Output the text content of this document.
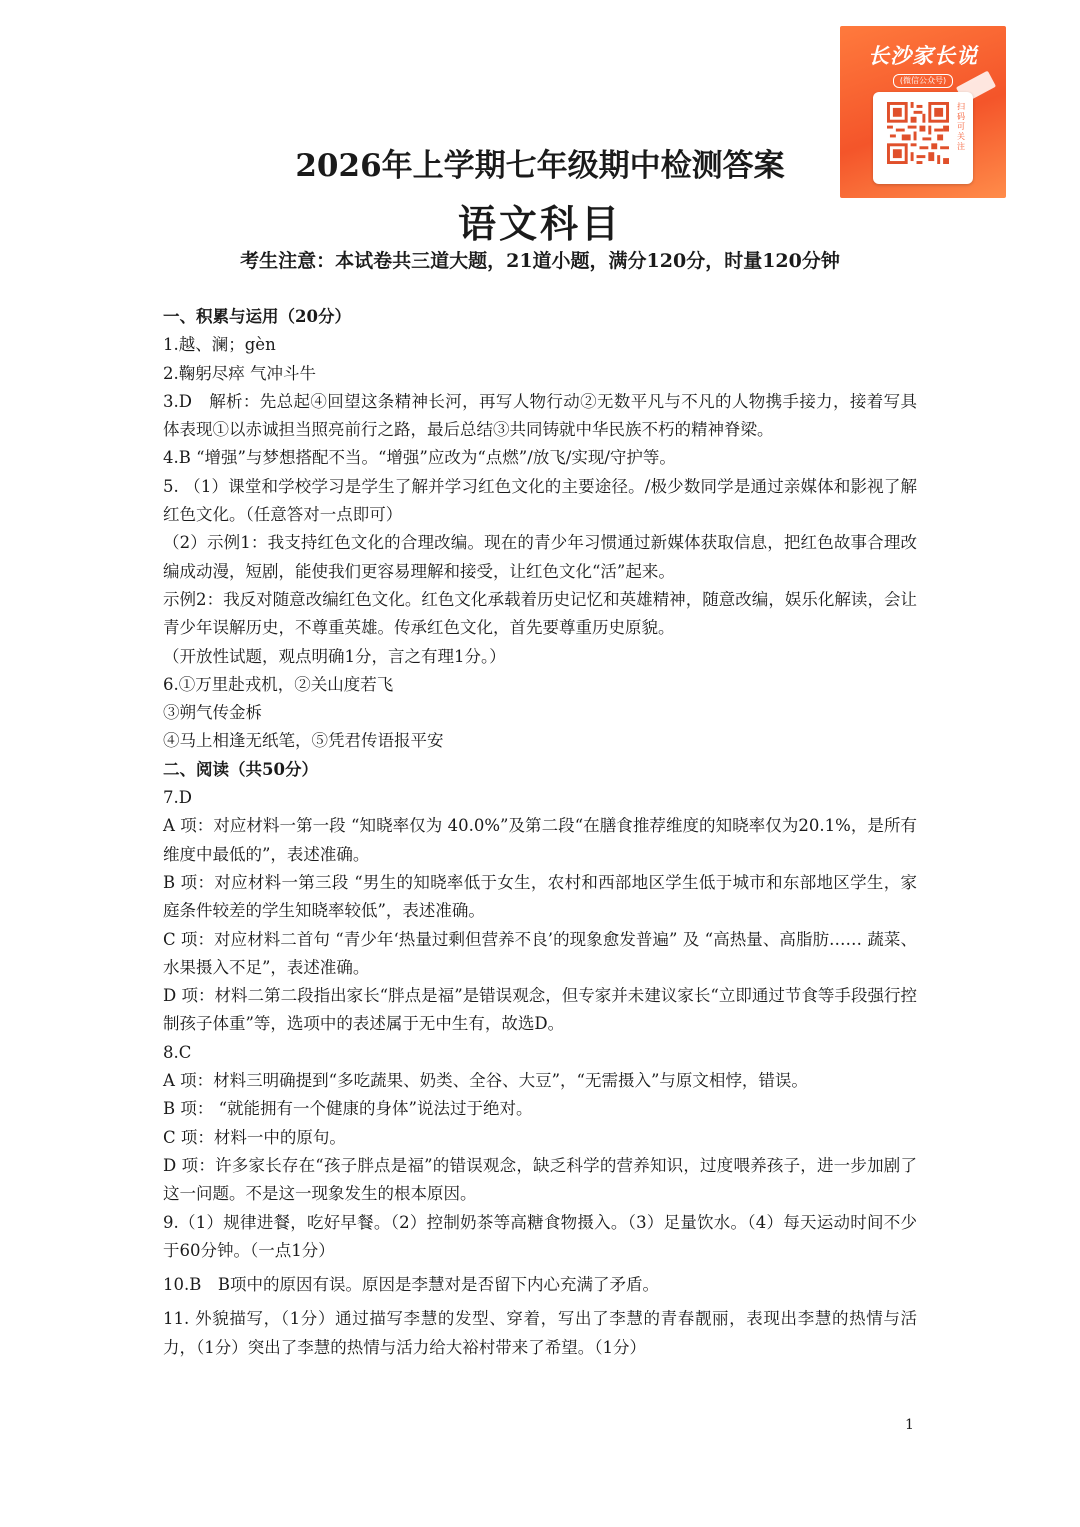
长沙家长说
(微信公众号)
扫码可关注
2026年上学期七年级期中检测答案
语文科目

考生注意：本试卷共三道大题，21道小题，满分120分，时量120分钟

一、积累与运用（20分）

1.越、澜；gèn

2.鞠躬尽瘁 气冲斗牛

3.D　解析：先总起④回望这条精神长河，再写人物行动②无数平凡与不凡的人物携手接力，接着写具体表现①以赤诚担当照亮前行之路，最后总结③共同铸就中华民族不朽的精神脊梁。

4.B “增强”与梦想搭配不当。“增强”应改为“点燃”/放飞/实现/守护等。

5. （1）课堂和学校学习是学生了解并学习红色文化的主要途径。/极少数同学是通过亲媒体和影视了解红色文化。（任意答对一点即可）

（2）示例1：我支持红色文化的合理改编。现在的青少年习惯通过新媒体获取信息，把红色故事合理改编成动漫，短剧，能使我们更容易理解和接受，让红色文化“活”起来。

示例2：我反对随意改编红色文化。红色文化承载着历史记忆和英雄精神，随意改编，娱乐化解读，会让青少年误解历史，不尊重英雄。传承红色文化，首先要尊重历史原貌。

（开放性试题，观点明确1分，言之有理1分。）

6.①万里赴戎机，②关山度若飞

③朔气传金柝

④马上相逢无纸笔，⑤凭君传语报平安

二、阅读（共50分）

7.D

A 项：对应材料一第一段 “知晓率仅为 40.0%”及第二段“在膳食推荐维度的知晓率仅为20.1%，是所有维度中最低的”，表述准确。

B 项：对应材料一第三段 “男生的知晓率低于女生，农村和西部地区学生低于城市和东部地区学生，家庭条件较差的学生知晓率较低”，表述准确。

C 项：对应材料二首句 “青少年‘热量过剩但营养不良’的现象愈发普遍” 及 “高热量、高脂肪…… 蔬菜、水果摄入不足”，表述准确。

D 项：材料二第二段指出家长“胖点是福”是错误观念，但专家并未建议家长“立即通过节食等手段强行控制孩子体重”等，选项中的表述属于无中生有，故选D。

8.C

A 项：材料三明确提到“多吃蔬果、奶类、全谷、大豆”，“无需摄入”与原文相悖，错误。

B 项： “就能拥有一个健康的身体”说法过于绝对。

C 项：材料一中的原句。

D 项：许多家长存在“孩子胖点是福”的错误观念，缺乏科学的营养知识，过度喂养孩子，进一步加剧了这一问题。不是这一现象发生的根本原因。

9.（1）规律进餐，吃好早餐。（2）控制奶茶等高糖食物摄入。（3）足量饮水。（4）每天运动时间不少于60分钟。（一点1分）

10.B　B项中的原因有误。原因是李慧对是否留下内心充满了矛盾。

11. 外貌描写，（1分）通过描写李慧的发型、穿着，写出了李慧的青春靓丽，表现出李慧的热情与活力，（1分）突出了李慧的热情与活力给大裕村带来了希望。（1分）

1
